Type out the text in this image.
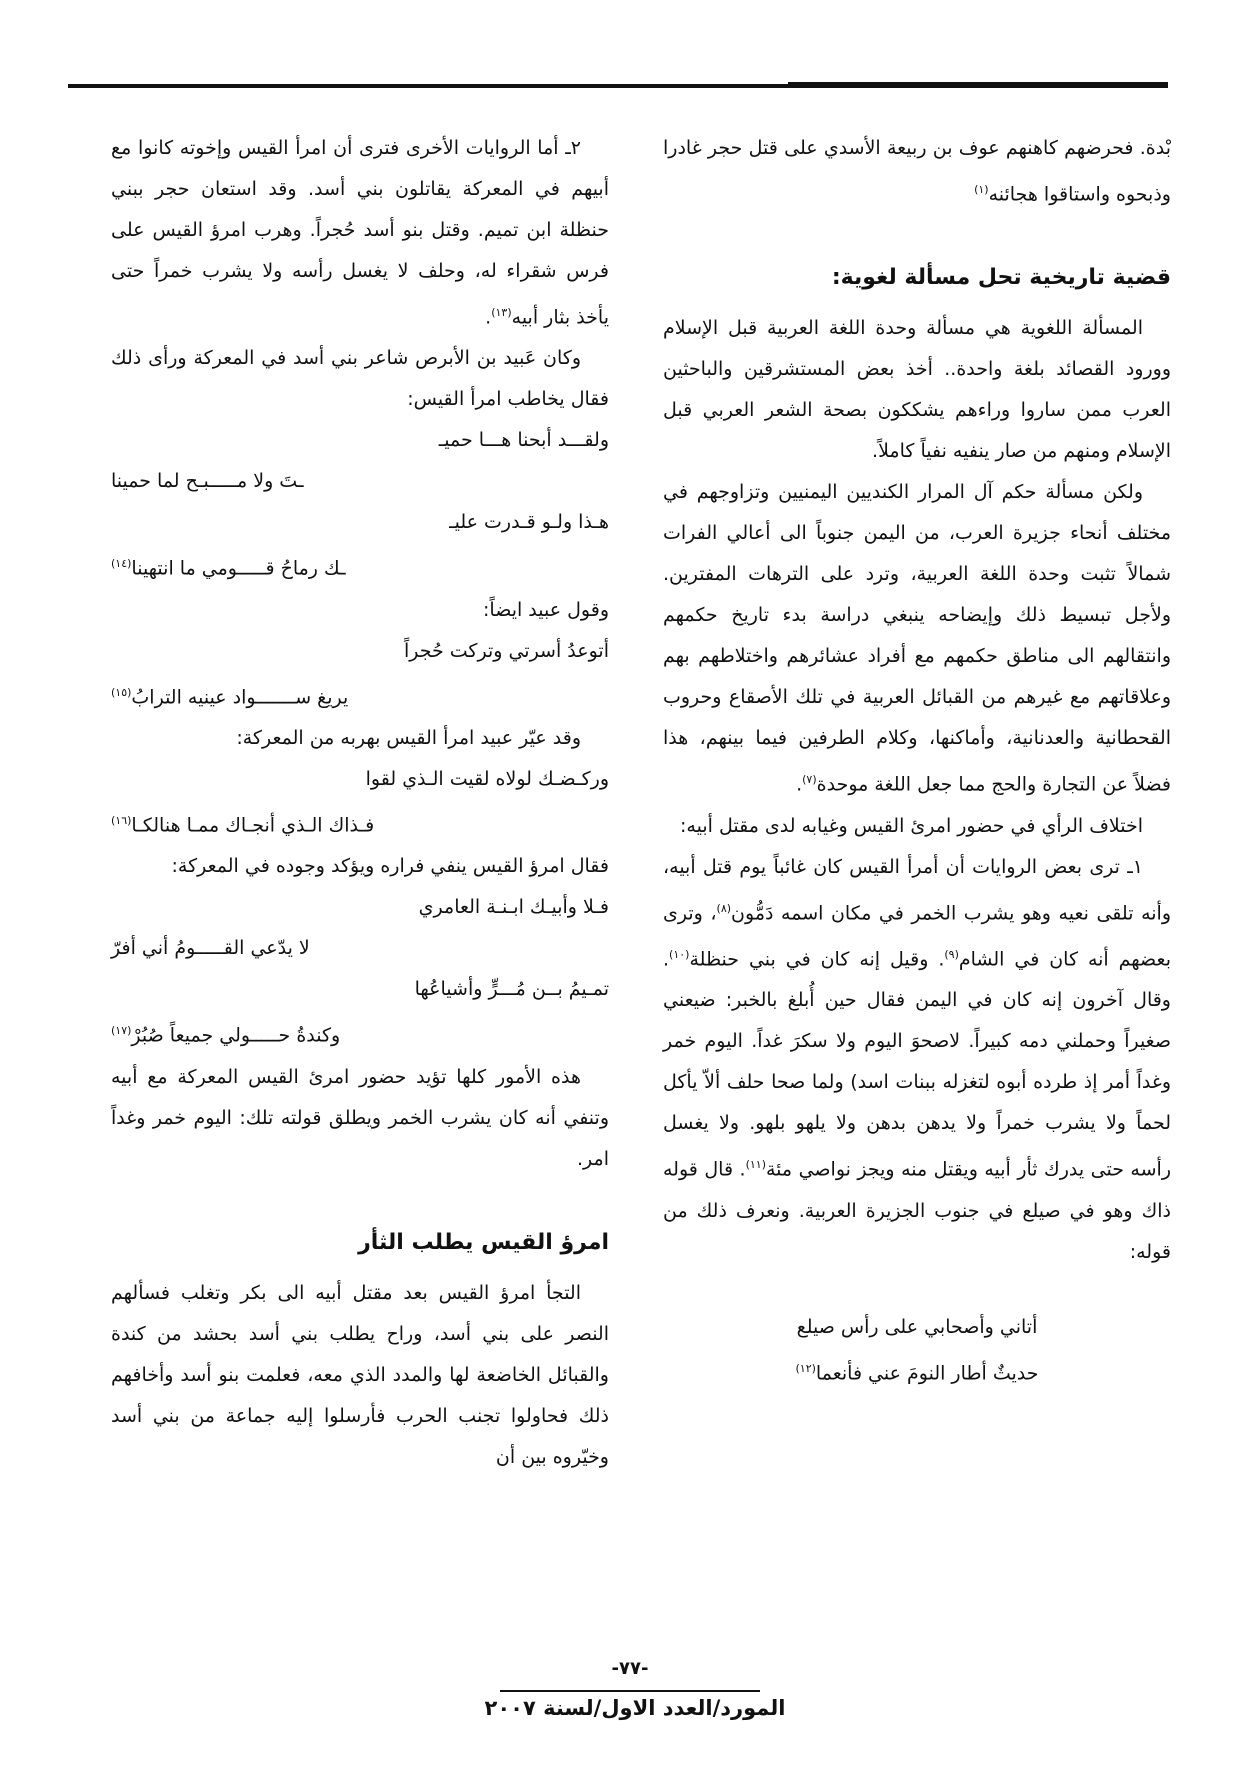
بْدة. فحرضهم كاهنهم عوف بن ربيعة الأسدي على قتل حجر غادرا وذبحوه واستاقوا هجائنه$^{(١)}$

قضية تاريخية تحل مسألة لغوية:

المسألة اللغوية هي مسألة وحدة اللغة العربية قبل الإسلام وورود القصائد بلغة واحدة.. أخذ بعض المستشرقين والباحثين العرب ممن ساروا وراءهم يشككون بصحة الشعر العربي قبل الإسلام ومنهم من صار ينفيه نفياً كاملاً.

ولكن مسألة حكم آل المرار الكنديين اليمنيين وتزاوجهم في مختلف أنحاء جزيرة العرب، من اليمن جنوباً الى أعالي الفرات شمالاً تثبت وحدة اللغة العربية، وترد على الترهات المفترين. ولأجل تبسيط ذلك وإيضاحه ينبغي دراسة بدء تاريخ حكمهم وانتقالهم الى مناطق حكمهم مع أفراد عشائرهم واختلاطهم بهم وعلاقاتهم مع غيرهم من القبائل العربية في تلك الأصقاع وحروب القحطانية والعدنانية، وأماكنها، وكلام الطرفين فيما بينهم، هذا فضلاً عن التجارة والحج مما جعل اللغة موحدة$^{(٧)}$.

اختلاف الرأي في حضور امرئ القيس وغيابه لدى مقتل أبيه:

١ـ ترى بعض الروايات أن أمرأ القيس كان غائباً يوم قتل أبيه، وأنه تلقى نعيه وهو يشرب الخمر في مكان اسمه دَمُّون$^{(٨)}$، وترى بعضهم أنه كان في الشام$^{(٩)}$. وقيل إنه كان في بني حنظلة$^{(١٠)}$. وقال آخرون إنه كان في اليمن فقال حين أُبلغ بالخبر: ضيعني صغيراً وحملني دمه كبيراً. لاصحوَ اليوم ولا سكرَ غداً. اليوم خمر وغداً أمر إذ طرده أبوه لتغزله ببنات اسد) ولما صحا حلف ألاّ يأكل لحماً ولا يشرب خمراً ولا يدهن بدهن ولا يلهو بلهو. ولا يغسل رأسه حتى يدرك ثأر أبيه ويقتل منه ويجز نواصي مئة$^{(١١)}$. قال قوله ذاك وهو في صيلع في جنوب الجزيرة العربية. ونعرف ذلك من قوله:

أتاني وأصحابي على رأس صيلع

حديثٌ أطار النومَ عني فأنعما$^{(١٢)}$

٢ـ أما الروايات الأخرى فترى أن امرأ القيس وإخوته كانوا مع أبيهم في المعركة يقاتلون بني أسد. وقد استعان حجر ببني حنظلة ابن تميم. وقتل بنو أسد حُجراً. وهرب امرؤ القيس على فرس شقراء له، وحلف لا يغسل رأسه ولا يشرب خمراً حتى يأخذ بثار أبيه$^{(١٣)}$.

وكان عَبيد بن الأبرص شاعر بني أسد في المعركة ورأى ذلك فقال يخاطب امرأ القيس:

ولقـــد أبحنا هـــا حميـ

ـتَ ولا مـــــبـح لما حمينا

هـذا ولـو قـدرت عليـ

ـك رماحُ قـــــومي ما انتهينا$^{(١٤)}$

وقول عبيد ايضاً:

أتوعدُ أسرتي وتركت حُجراً

يريغ ســـــــواد عينيه الترابُ$^{(١٥)}$

وقد عيّر عبيد امرأ القيس بهربه من المعركة:

وركـضـك لولاه لقيت الـذي لقوا

فـذاك الـذي أنجـاك ممـا هنالكـا$^{(١٦)}$

فقال امرؤ القيس ينفي فراره ويؤكد وجوده في المعركة:

فـلا وأبيـك ابـنـة العامري

لا يدّعي القـــــومُ أني أفرّ

تمـيمُ بــن مُـــرٍّ وأشياعُها

وكندةُ حـــــولي جميعاً صُبُرْ$^{(١٧)}$

هذه الأمور كلها تؤيد حضور امرئ القيس المعركة مع أبيه وتنفي أنه كان يشرب الخمر ويطلق قولته تلك: اليوم خمر وغداً امر.

امرؤ القيس يطلب الثأر

التجأ امرؤ القيس بعد مقتل أبيه الى بكر وتغلب فسألهم النصر على بني أسد، وراح يطلب بني أسد بحشد من كندة والقبائل الخاضعة لها والمدد الذي معه، فعلمت بنو أسد وأخافهم ذلك فحاولوا تجنب الحرب فأرسلوا إليه جماعة من بني أسد وخيّروه بين أن

-٧٧-
المورد/العدد الاول/لسنة ٢٠٠٧
